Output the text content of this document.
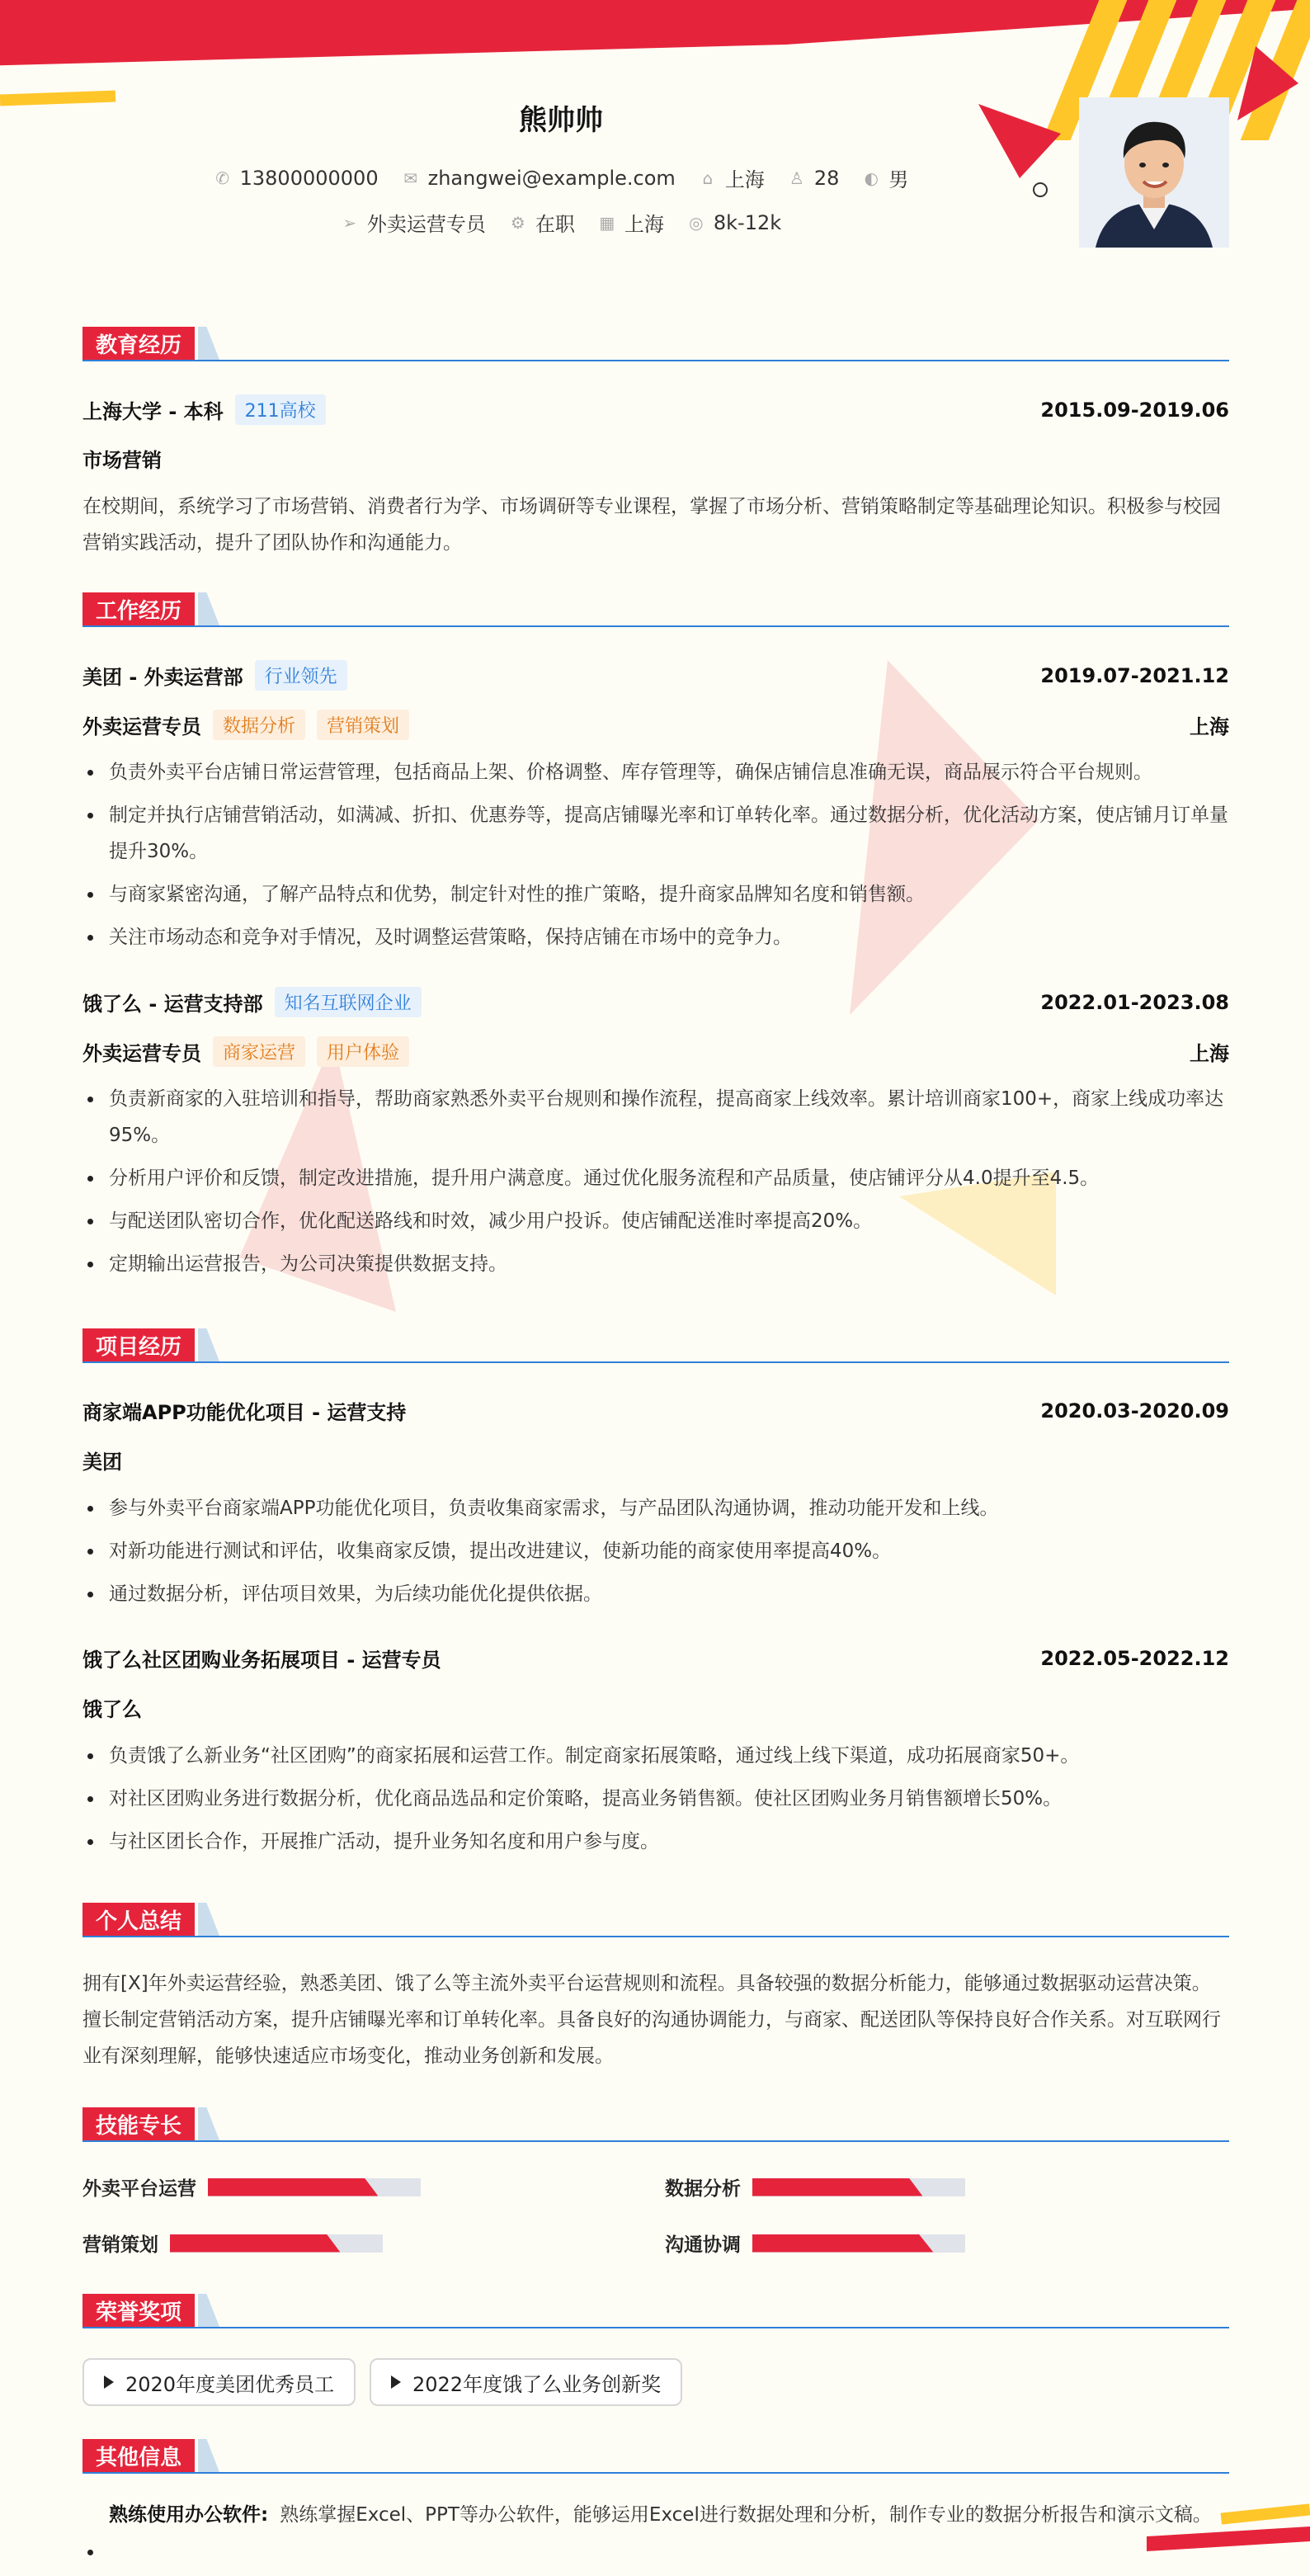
熊帅帅
✆ 13800000000 ✉ zhangwei@example.com ⌂ 上海 ♙ 28 ◐ 男
➢ 外卖运营专员 ⚙ 在职 ▦ 上海 ◎ 8k-12k
教育经历
上海大学 - 本科	211高校	2015.09-2019.06
市场营销
在校期间，系统学习了市场营销、消费者行为学、市场调研等专业课程，掌握了市场分析、营销策略制定等基础理论知识。积极参与校园营销实践活动，提升了团队协作和沟通能力。
工作经历
美团 - 外卖运营部	行业领先	2019.07-2021.12
外卖运营专员	数据分析	营销策划	上海
负责外卖平台店铺日常运营管理，包括商品上架、价格调整、库存管理等，确保店铺信息准确无误，商品展示符合平台规则。
制定并执行店铺营销活动，如满减、折扣、优惠券等，提高店铺曝光率和订单转化率。通过数据分析，优化活动方案，使店铺月订单量提升30%。
与商家紧密沟通，了解产品特点和优势，制定针对性的推广策略，提升商家品牌知名度和销售额。
关注市场动态和竞争对手情况，及时调整运营策略，保持店铺在市场中的竞争力。
饿了么 - 运营支持部	知名互联网企业	2022.01-2023.08
外卖运营专员	商家运营	用户体验	上海
负责新商家的入驻培训和指导，帮助商家熟悉外卖平台规则和操作流程，提高商家上线效率。累计培训商家100+，商家上线成功率达95%。
分析用户评价和反馈，制定改进措施，提升用户满意度。通过优化服务流程和产品质量，使店铺评分从4.0提升至4.5。
与配送团队密切合作，优化配送路线和时效，减少用户投诉。使店铺配送准时率提高20%。
定期输出运营报告，为公司决策提供数据支持。
项目经历
商家端APP功能优化项目 - 运营支持	2020.03-2020.09
美团
参与外卖平台商家端APP功能优化项目，负责收集商家需求，与产品团队沟通协调，推动功能开发和上线。
对新功能进行测试和评估，收集商家反馈，提出改进建议，使新功能的商家使用率提高40%。
通过数据分析，评估项目效果，为后续功能优化提供依据。
饿了么社区团购业务拓展项目 - 运营专员	2022.05-2022.12
饿了么
负责饿了么新业务“社区团购”的商家拓展和运营工作。制定商家拓展策略，通过线上线下渠道，成功拓展商家50+。
对社区团购业务进行数据分析，优化商品选品和定价策略，提高业务销售额。使社区团购业务月销售额增长50%。
与社区团长合作，开展推广活动，提升业务知名度和用户参与度。
个人总结
拥有[X]年外卖运营经验，熟悉美团、饿了么等主流外卖平台运营规则和流程。具备较强的数据分析能力，能够通过数据驱动运营决策。擅长制定营销活动方案，提升店铺曝光率和订单转化率。具备良好的沟通协调能力，与商家、配送团队等保持良好合作关系。对互联网行业有深刻理解，能够快速适应市场变化，推动业务创新和发展。
技能专长
外卖平台运营	数据分析
营销策划	沟通协调
荣誉奖项
2020年度美团优秀员工	2022年度饿了么业务创新奖
其他信息
熟练使用办公软件: 熟练掌握Excel、PPT等办公软件，能够运用Excel进行数据处理和分析，制作专业的数据分析报告和演示文稿。
